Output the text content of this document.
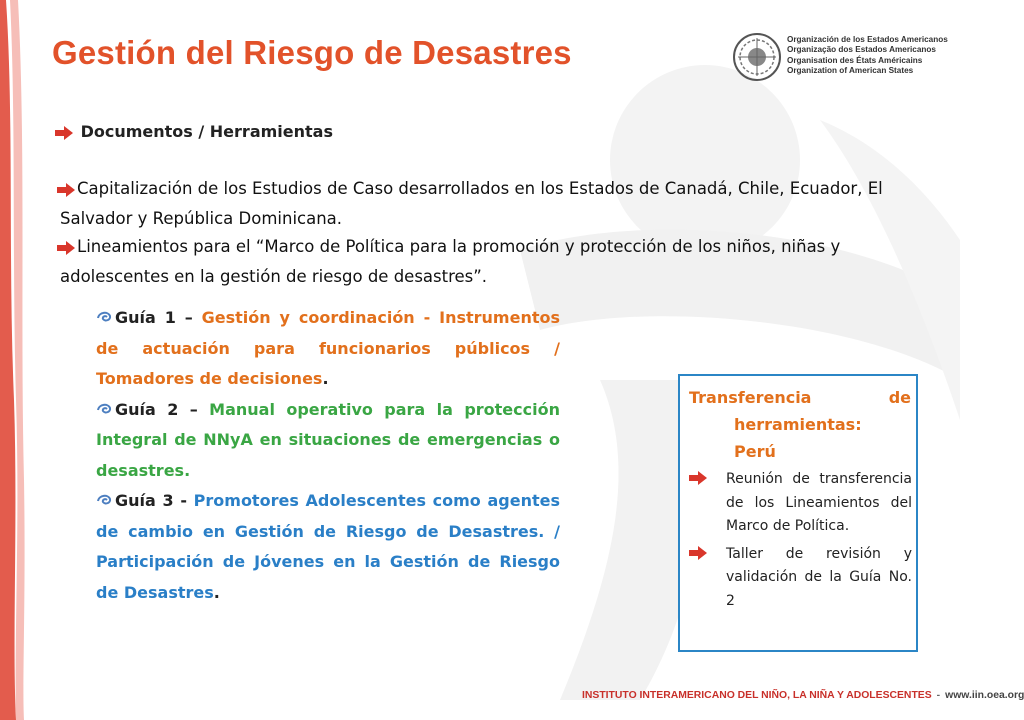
Gestión del Riesgo de Desastres	Organización de los Estados Americanos
Organização dos Estados Americanos
Organisation des États Américains
Organization of American States
Documentos / Herramientas
Capitalización de los Estudios de Caso desarrollados en los Estados de Canadá, Chile, Ecuador, El Salvador y República Dominicana.
Lineamientos para el “Marco de Política para la promoción y protección de los niños, niñas y adolescentes en la gestión de riesgo de desastres”.

Guía 1 – Gestión y coordinación - Instrumentos de actuación para funcionarios públicos / Tomadores de decisiones.

Guía 2 – Manual operativo para la protección Integral de NNyA en situaciones de emergencias o desastres.

Guía 3 - Promotores Adolescentes como agentes de cambio en Gestión de Riesgo de Desastres. / Participación de Jóvenes en la Gestión de Riesgo de Desastres.

Transferencia	de
herramientas:
Perú
Reunión de transferencia de los Lineamientos del Marco de Política.
Taller de revisión y validación de la Guía No. 2
INSTITUTO INTERAMERICANO DEL NIÑO, LA NIÑA Y ADOLESCENTES - www.iin.oea.org
